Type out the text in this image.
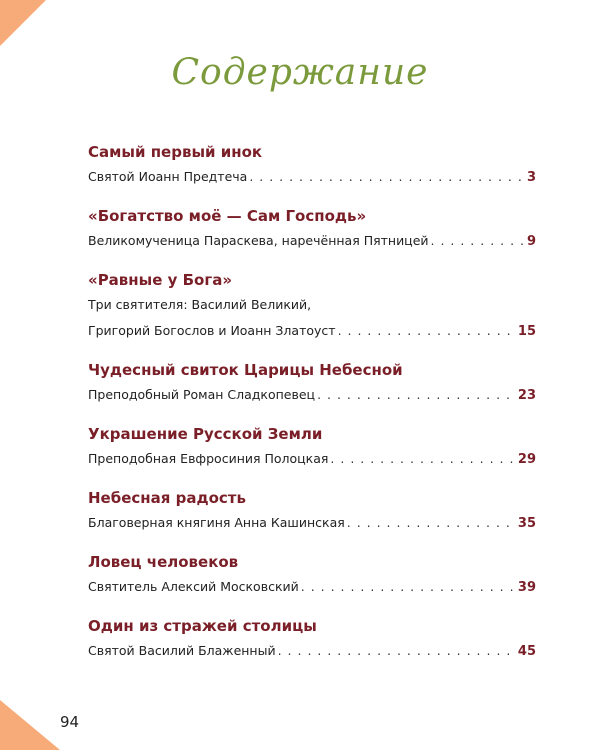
Содержание
Самый первый инок
Святой Иоанн Предтеча . . .	3
«Богатство моё — Сам Господь»
Великомученица Параскева, наречённая Пятницей . . .	9
«Равные у Бога»
Три святителя: Василий Великий,
Григорий Богослов и Иоанн Златоуст . . .	15
Чудесный свиток Царицы Небесной
Преподобный Роман Сладкопевец . . .	23
Украшение Русской Земли
Преподобная Евфросиния Полоцкая . . .	29
Небесная радость
Благоверная княгиня Анна Кашинская . . .	35
Ловец человеков
Святитель Алексий Московский . . .	39
Один из стражей столицы
Святой Василий Блаженный . . .	45
94
